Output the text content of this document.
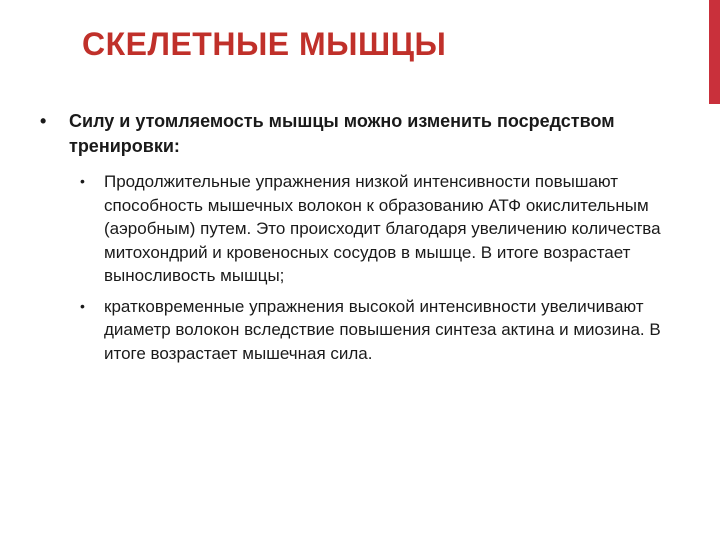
СКЕЛЕТНЫЕ МЫШЦЫ
• Силу и утомляемость мышцы можно изменить посредством тренировки:
• Продолжительные упражнения низкой интенсивности повышают способность мышечных волокон к образованию АТФ окислительным (аэробным) путем. Это происходит благодаря увеличению количества митохондрий и кровеносных сосудов в мышце. В итоге возрастает выносливость мышцы;
• кратковременные упражнения высокой интенсивности увеличивают диаметр волокон вследствие повышения синтеза актина и миозина. В итоге возрастает мышечная сила.
